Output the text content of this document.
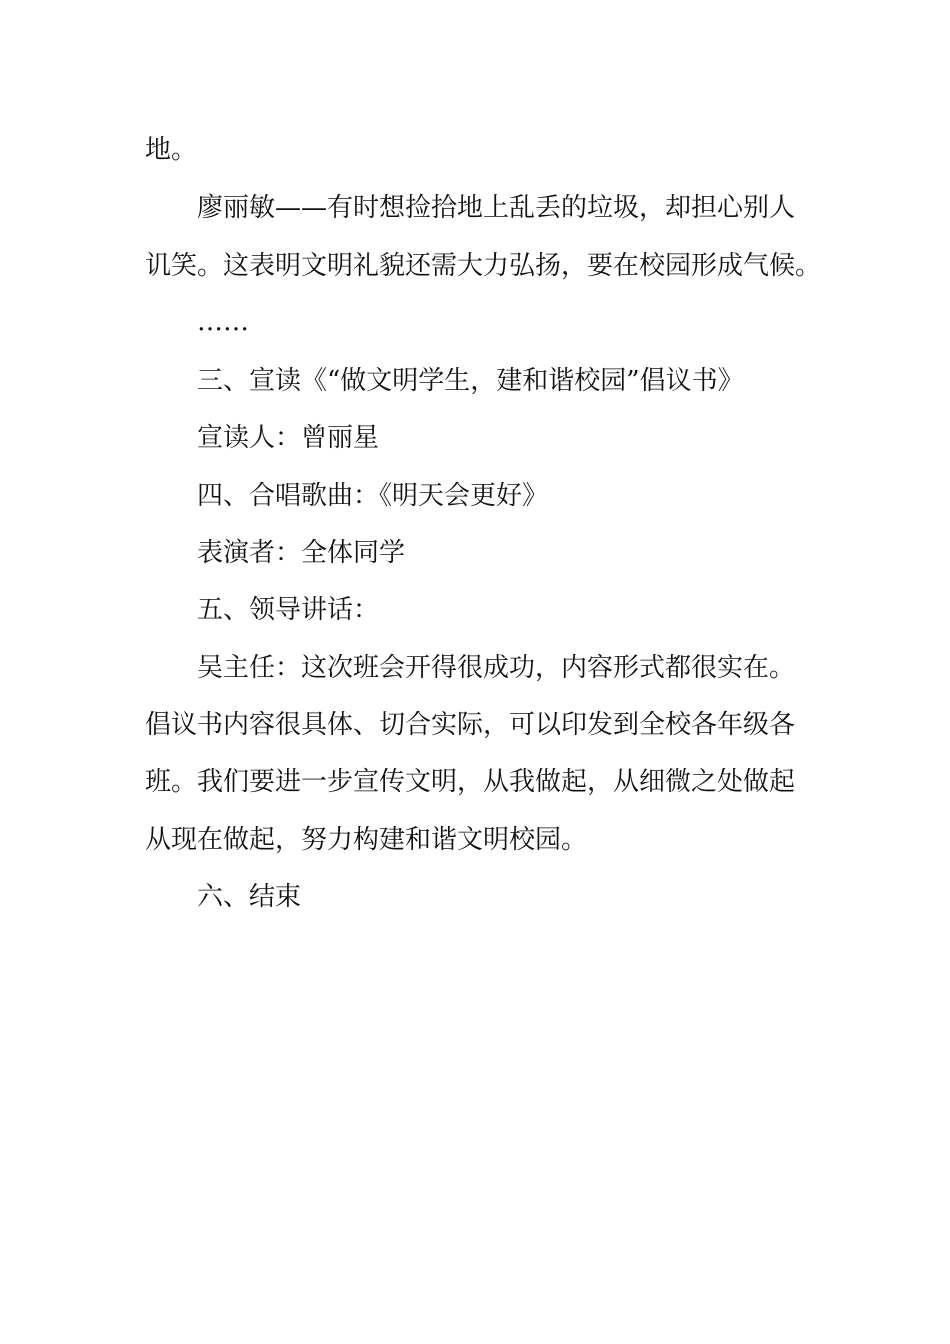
地。
廖丽敏——有时想捡拾地上乱丢的垃圾，却担心别人
讥笑。这表明文明礼貌还需大力弘扬，要在校园形成气候。
……
三、宣读《“做文明学生，建和谐校园”倡议书》
宣读人：曾丽星
四、合唱歌曲：《明天会更好》
表演者：全体同学
五、领导讲话：
吴主任：这次班会开得很成功，内容形式都很实在。
倡议书内容很具体、切合实际，可以印发到全校各年级各
班。我们要进一步宣传文明，从我做起，从细微之处做起
从现在做起，努力构建和谐文明校园。
六、结束
